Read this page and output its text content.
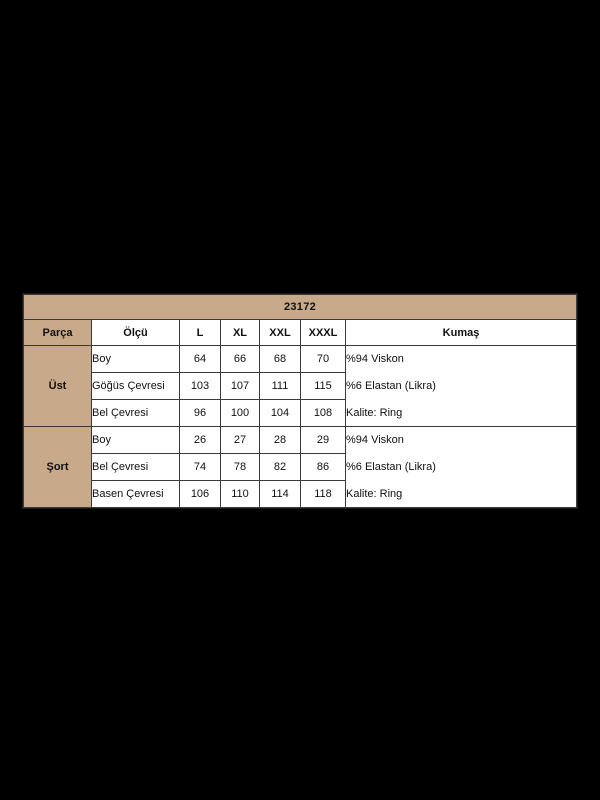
23172						
Parça	Ölçü	L	XL	XXL	XXXL	Kumaş
Üst	Boy	64	66	68	70	%94 Viskon
	Göğüs Çevresi	103	107	111	115	%6 Elastan (Likra)
	Bel Çevresi	96	100	104	108	Kalite: Ring
Şort	Boy	26	27	28	29	%94 Viskon
	Bel Çevresi	74	78	82	86	%6 Elastan (Likra)
	Basen Çevresi	106	110	114	118	Kalite: Ring
